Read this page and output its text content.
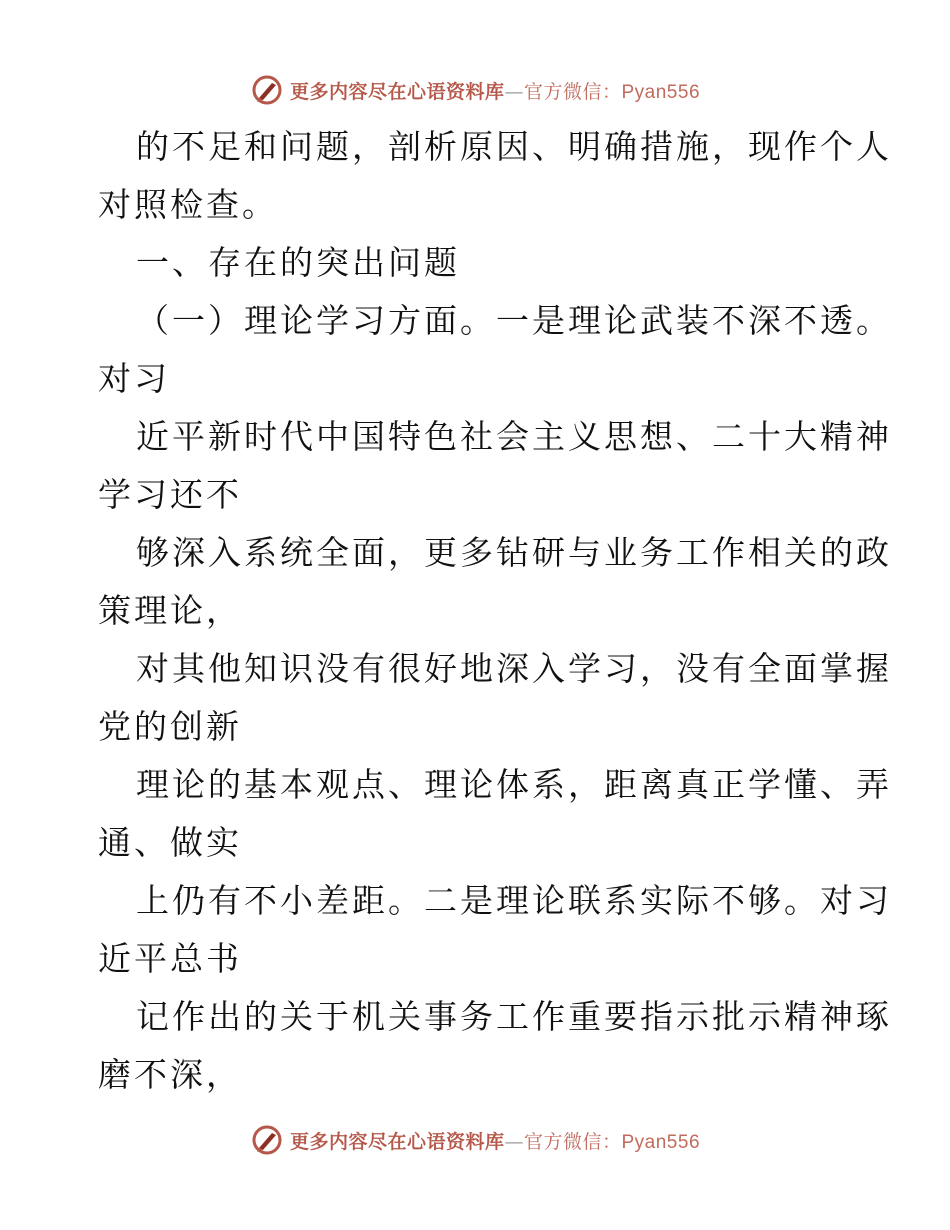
更多内容尽在心语资料库—官方微信：Pyan556
的不足和问题，剖析原因、明确措施，现作个人
对照检查。
一、存在的突出问题
（一）理论学习方面。一是理论武装不深不透。
对习
近平新时代中国特色社会主义思想、二十大精神
学习还不
够深入系统全面，更多钻研与业务工作相关的政
策理论，
对其他知识没有很好地深入学习，没有全面掌握
党的创新
理论的基本观点、理论体系，距离真正学懂、弄
通、做实
上仍有不小差距。二是理论联系实际不够。对习
近平总书
记作出的关于机关事务工作重要指示批示精神琢
磨不深，
更多内容尽在心语资料库—官方微信：Pyan556
